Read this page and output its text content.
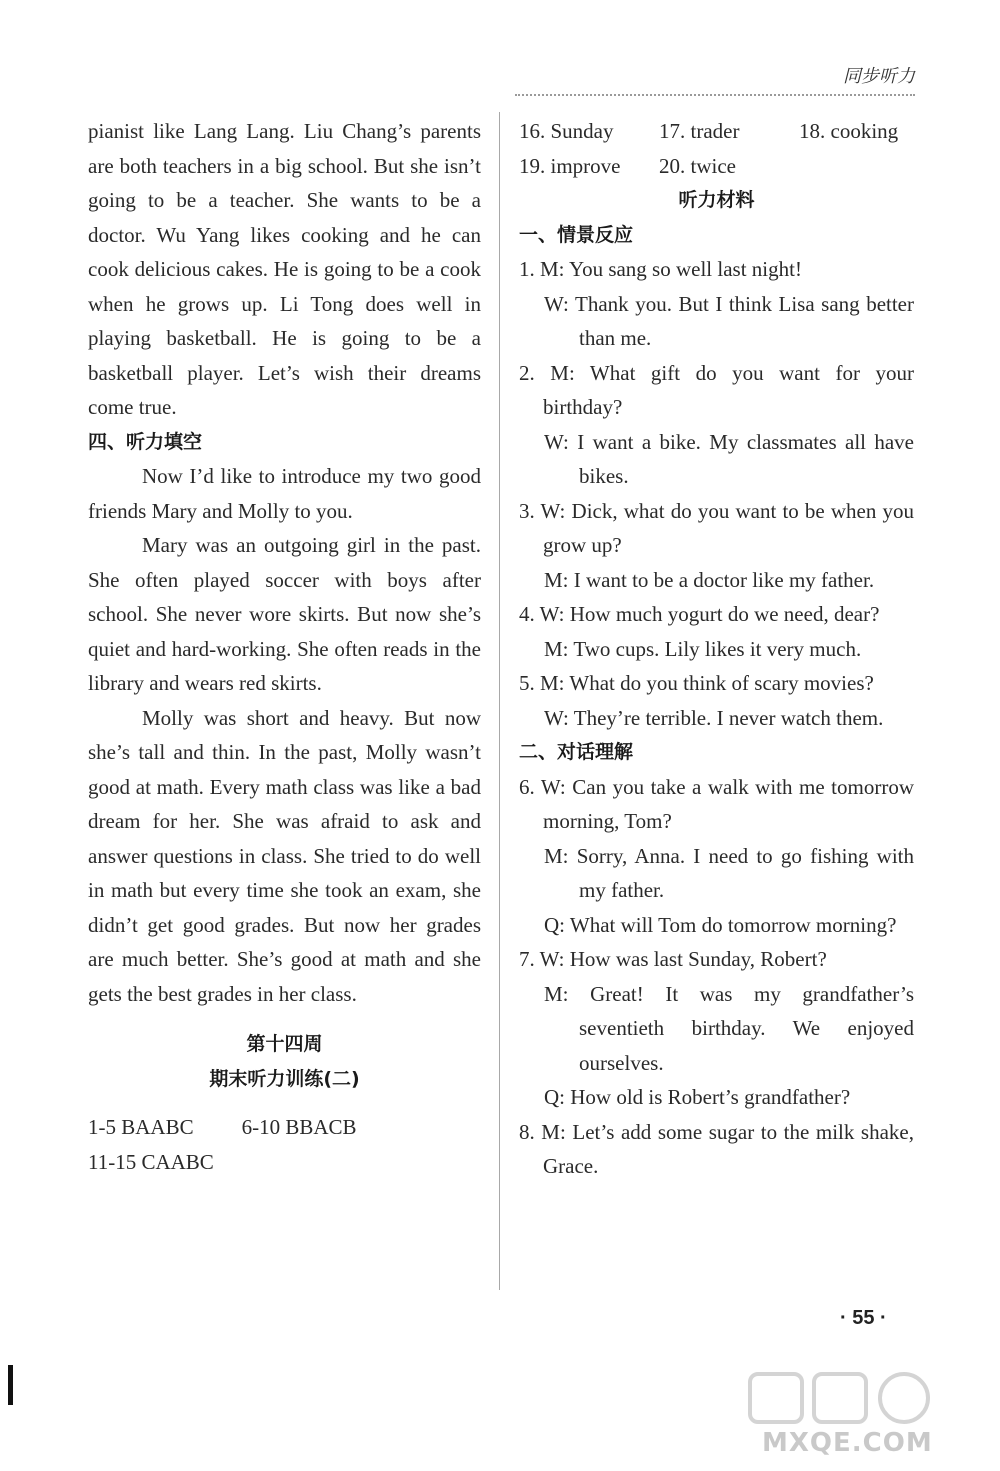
同步听力

pianist like Lang Lang. Liu Chang’s parents are both teachers in a big school. But she isn’t going to be a teacher. She wants to be a doctor. Wu Yang likes cooking and he can cook delicious cakes. He is going to be a cook when he grows up. Li Tong does well in playing basketball. He is going to be a basketball player. Let’s wish their dreams come true.

四、听力填空

Now I’d like to introduce my two good friends Mary and Molly to you.

Mary was an outgoing girl in the past. She often played soccer with boys after school. She never wore skirts. But now she’s quiet and hard-working. She often reads in the library and wears red skirts.

Molly was short and heavy. But now she’s tall and thin. In the past, Molly wasn’t good at math. Every math class was like a bad dream for her. She was afraid to ask and answer questions in class. She tried to do well in math but every time she took an exam, she didn’t get good grades. But now her grades are much better. She’s good at math and she gets the best grades in her class.

第十四周
期末听力训练(二)
1-5 BAABC 6-10 BBACB
11-15 CAABC
16. Sunday	17. trader	18. cooking
19. improve	20. twice
听力材料
一、情景反应
1. M: You sang so well last night!
W: Thank you. But I think Lisa sang better than me.
2. M: What gift do you want for your birthday?
W: I want a bike. My classmates all have bikes.
3. W: Dick, what do you want to be when you grow up?
M: I want to be a doctor like my father.
4. W: How much yogurt do we need, dear?
M: Two cups. Lily likes it very much.
5. M: What do you think of scary movies?
W: They’re terrible. I never watch them.
二、对话理解
6. W: Can you take a walk with me tomorrow morning, Tom?
M: Sorry, Anna. I need to go fishing with my father.
Q: What will Tom do tomorrow morning?
7. W: How was last Sunday, Robert?
M: Great! It was my grandfather’s seventieth birthday. We enjoyed ourselves.
Q: How old is Robert’s grandfather?
8. M: Let’s add some sugar to the milk shake, Grace.
· 55 ·
MXQE.COM
